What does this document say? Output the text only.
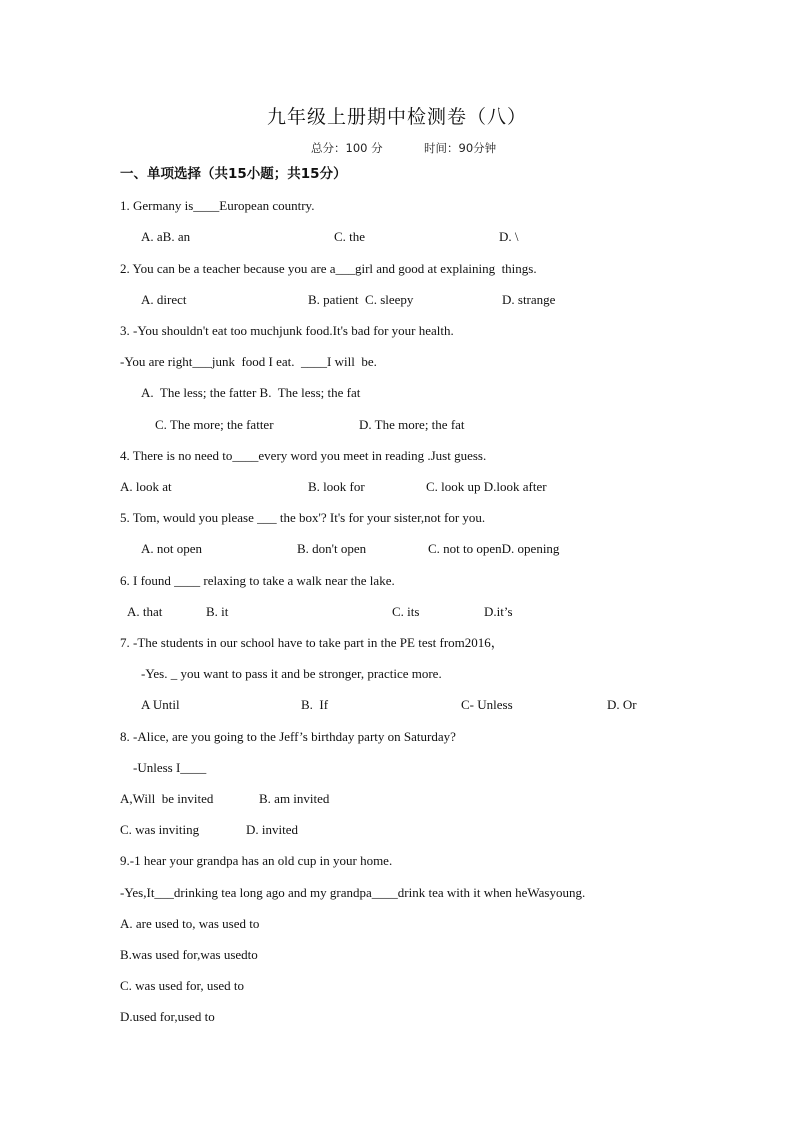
九年级上册期中检测卷（八）
总分：100 分	时间：90分钟
一、单项选择（共15小题；共15分）
1. Germany is____European country.
A. aB. an	C. the	D. \
2. You can be a teacher because you are a___girl and good at explaining  things.
A. direct	B. patient  C. sleepy	D. strange
3. -You shouldn't eat too muchjunk food.It's bad for your health.
-You are right___junk  food I eat.  ____I will  be.
A.  The less; the fatter B.  The less; the fat
C. The more; the fatter	D. The more; the fat
4. There is no need to____every word you meet in reading .Just guess.
A. look at	B. look for	C. look up D.look after
5. Tom, would you please ___ the box'? It's for your sister,not for you.
A. not open	B. don't open	C. not to openD. opening
6. I found ____ relaxing to take a walk near the lake.
A. that	B. it	C. its	D.it’s
7. -The students in our school have to take part in the PE test from2016，
-Yes. _ you want to pass it and be stronger, practice more.
A Until	B.  If	C- Unless	D. Or
8. -Alice, are you going to the Jeff’s birthday party on Saturday?
-Unless I____
A,Will  be invited	B. am invited
C. was inviting	D. invited
9.-1 hear your grandpa has an old cup in your home.
-Yes,It___drinking tea long ago and my grandpa____drink tea with it when heWasyoung.
A. are used to, was used to
B.was used for,was usedto
C. was used for, used to
D.used for,used to
